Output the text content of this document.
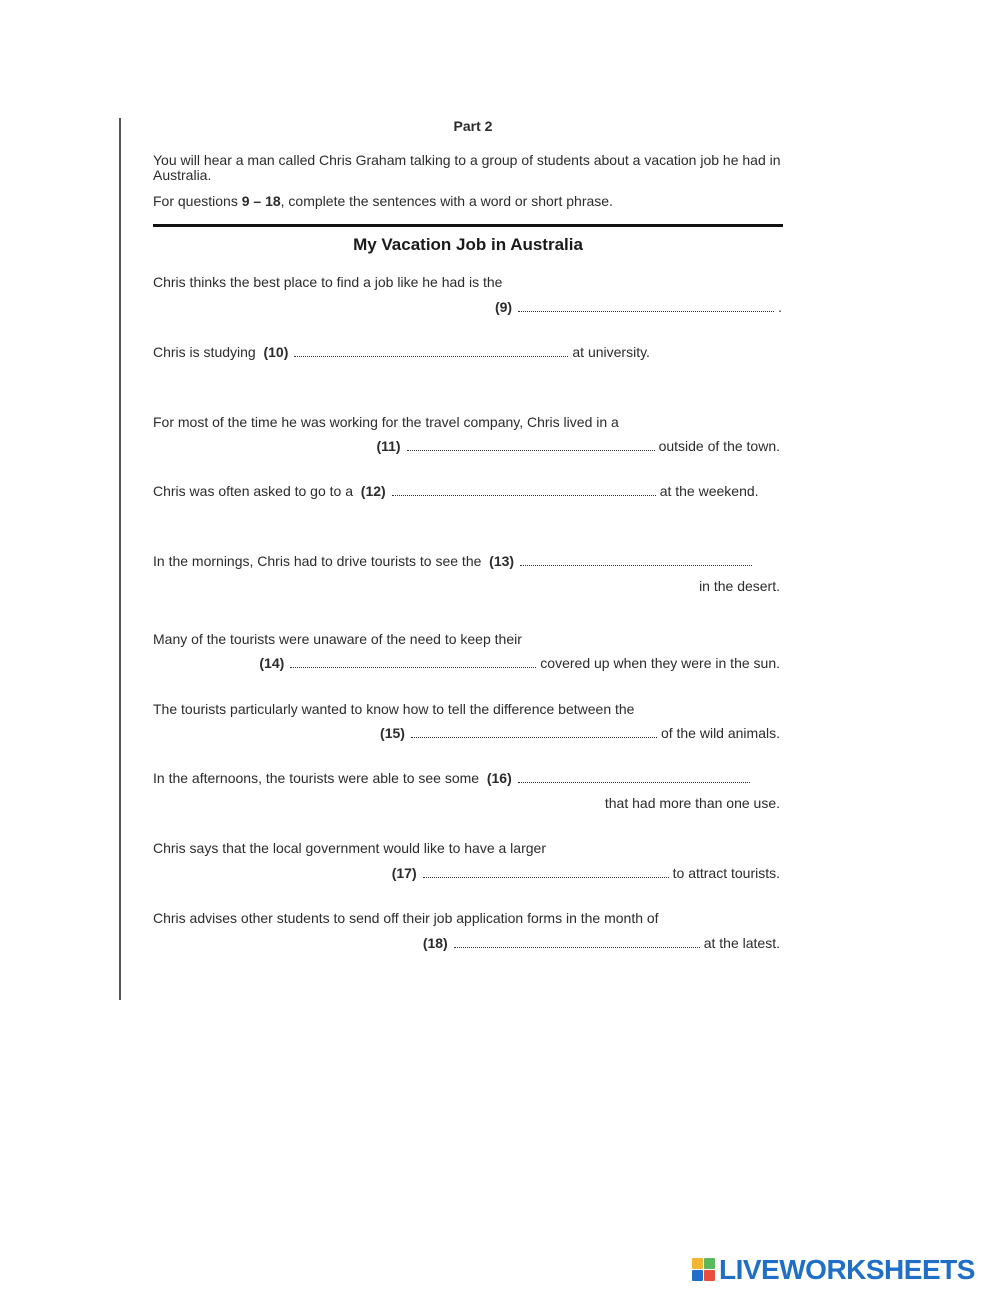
Part 2
You will hear a man called Chris Graham talking to a group of students about a vacation job he had in Australia.
For questions 9 – 18, complete the sentences with a word or short phrase.
My Vacation Job in Australia
Chris thinks the best place to find a job like he had is the
(9)	.
Chris is studying (10)	at university.
For most of the time he was working for the travel company, Chris lived in a
(11)	outside of the town.
Chris was often asked to go to a (12)	at the weekend.
In the mornings, Chris had to drive tourists to see the (13)
in the desert.
Many of the tourists were unaware of the need to keep their
(14)	covered up when they were in the sun.
The tourists particularly wanted to know how to tell the difference between the
(15)	of the wild animals.
In the afternoons, the tourists were able to see some (16)
that had more than one use.
Chris says that the local government would like to have a larger
(17)	to attract tourists.
Chris advises other students to send off their job application forms in the month of
(18)	at the latest.
LIVEWORKSHEETS
